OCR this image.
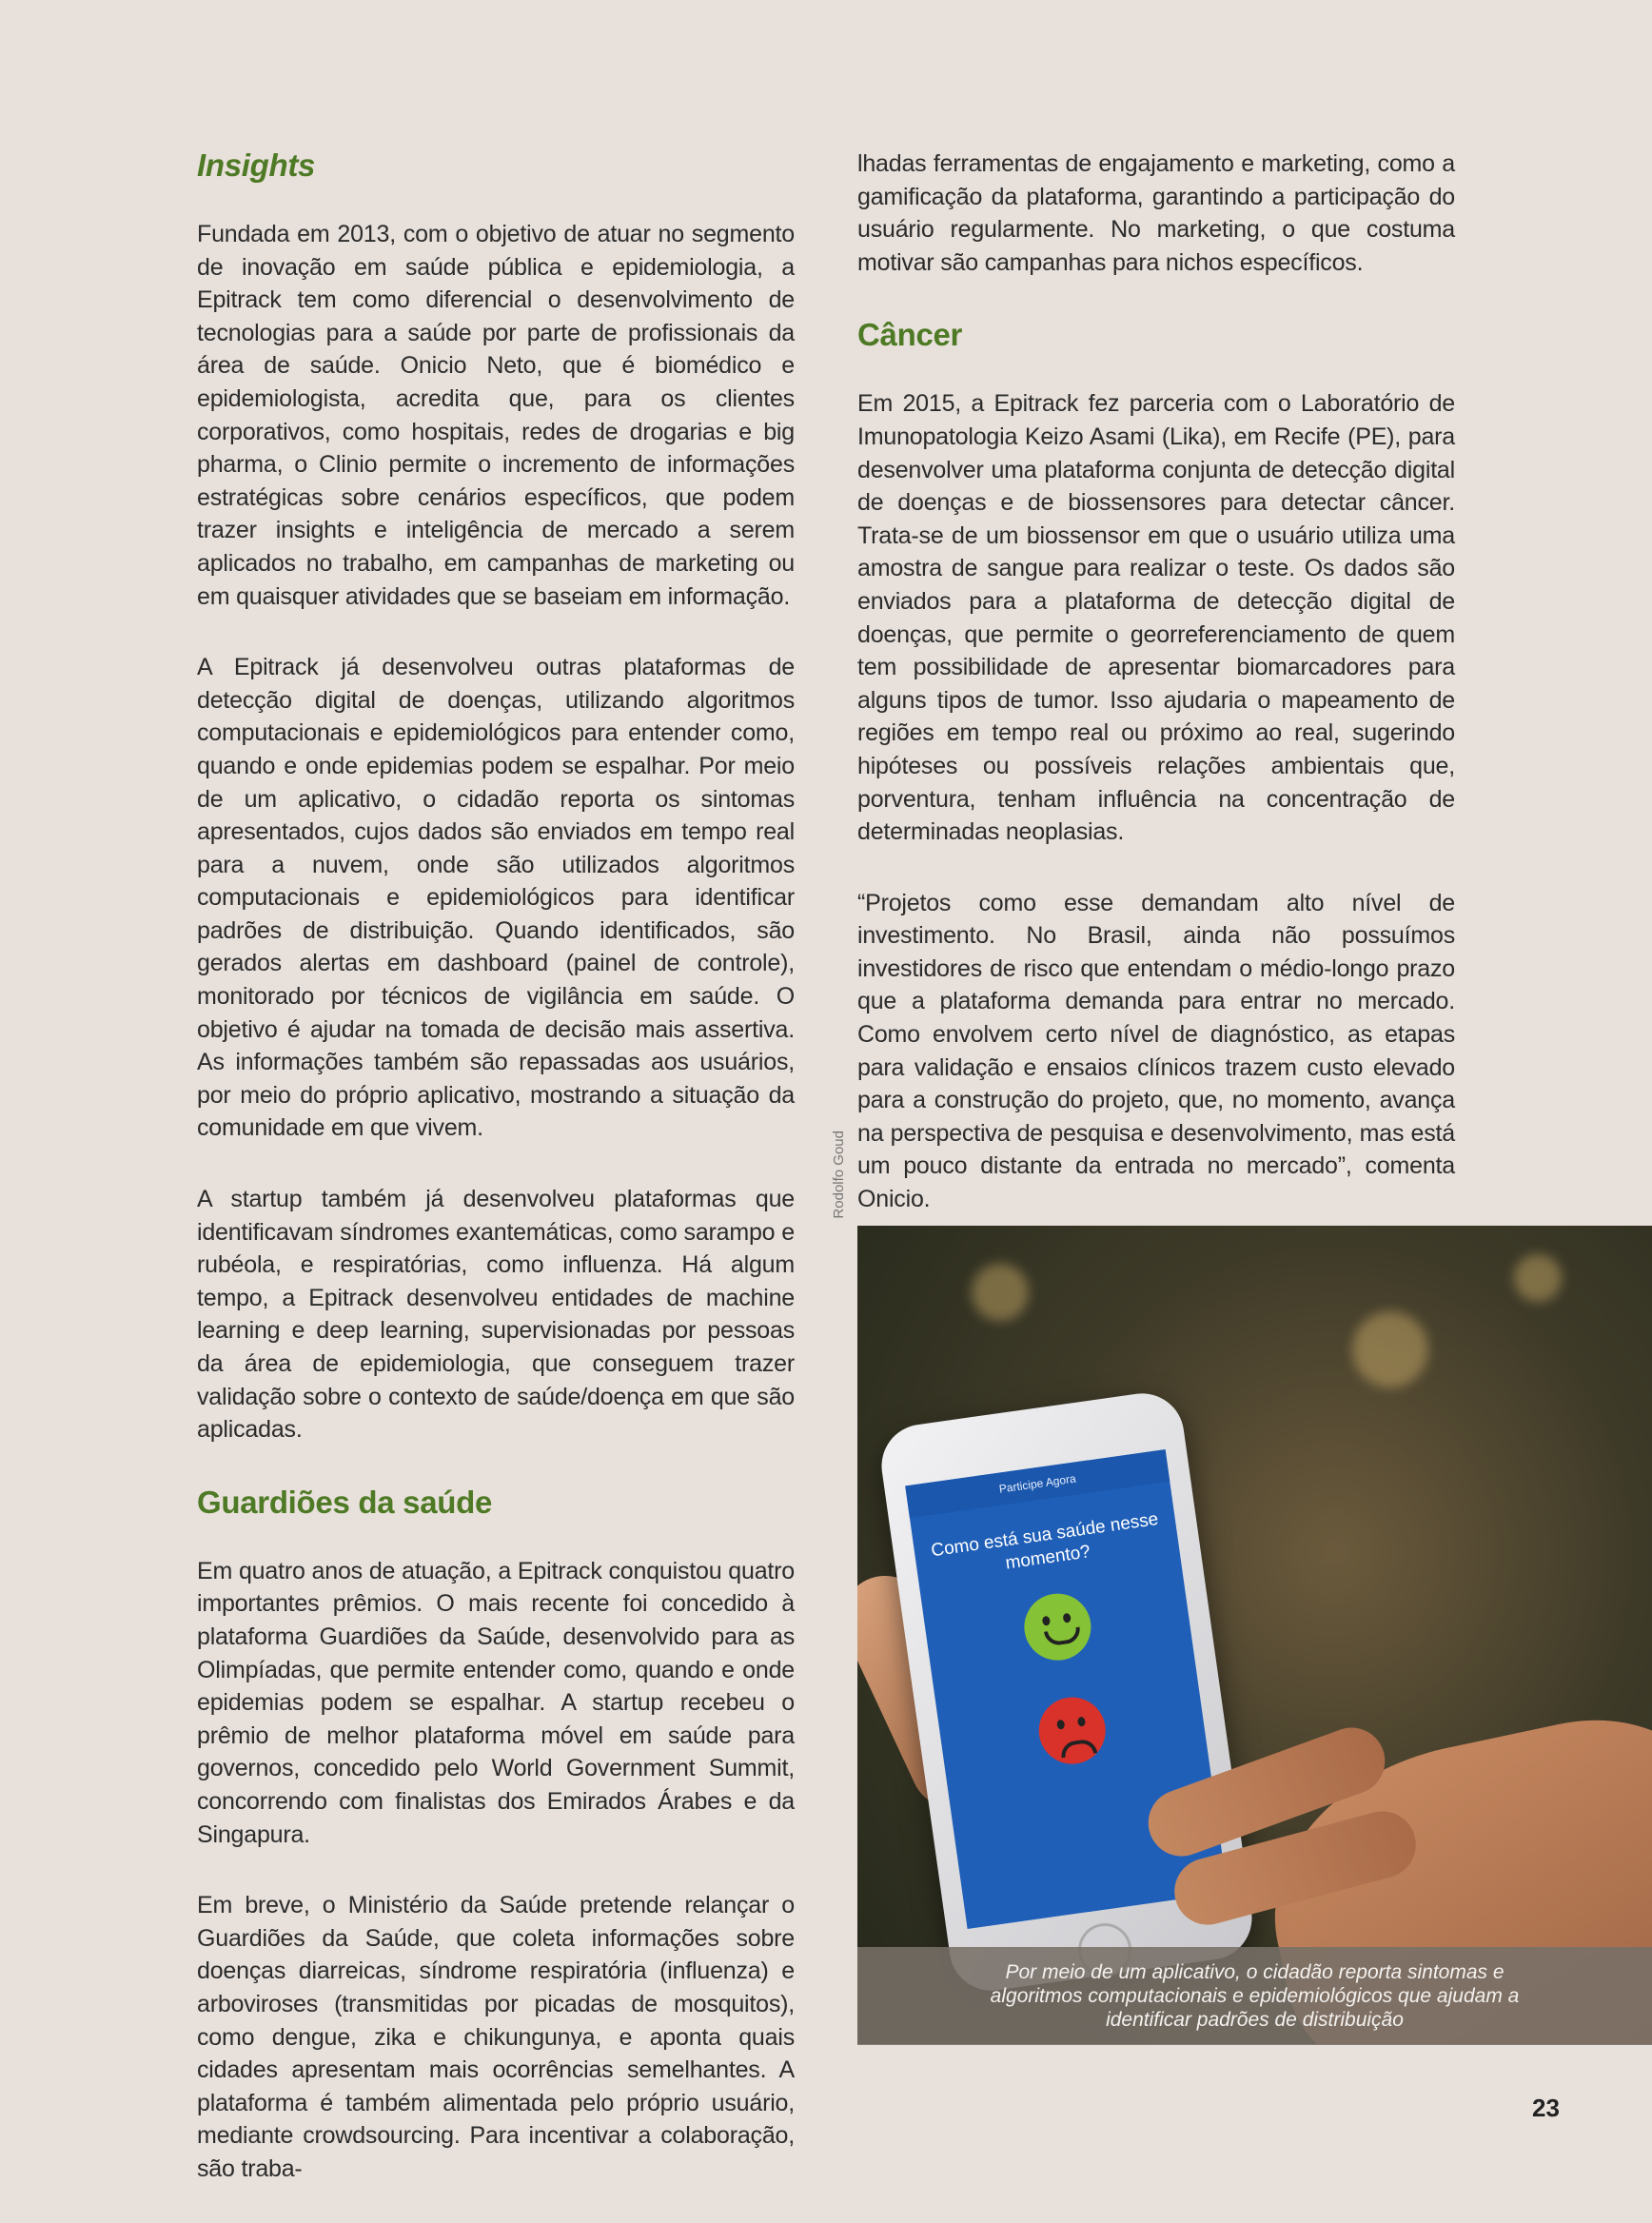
Insights

Fundada em 2013, com o objetivo de atuar no segmento de inovação em saúde pública e epidemiologia, a Epitrack tem como diferencial o desenvolvimento de tecnologias para a saúde por parte de profissionais da área de saúde. Onicio Neto, que é biomédico e epidemiologista, acredita que, para os clientes corporativos, como hospitais, redes de drogarias e big pharma, o Clinio permite o incremento de informações estratégicas sobre cenários específicos, que podem trazer insights e inteligência de mercado a serem aplicados no trabalho, em campanhas de marketing ou em quaisquer atividades que se baseiam em informação.

A Epitrack já desenvolveu outras plataformas de detecção digital de doenças, utilizando algoritmos computacionais e epidemiológicos para entender como, quando e onde epidemias podem se espalhar. Por meio de um aplicativo, o cidadão reporta os sintomas apresentados, cujos dados são enviados em tempo real para a nuvem, onde são utilizados algoritmos computacionais e epidemiológicos para identificar padrões de distribuição. Quando identificados, são gerados alertas em dashboard (painel de controle), monitorado por técnicos de vigilância em saúde. O objetivo é ajudar na tomada de decisão mais assertiva. As informações também são repassadas aos usuários, por meio do próprio aplicativo, mostrando a situação da comunidade em que vivem.

A startup também já desenvolveu plataformas que identificavam síndromes exantemáticas, como sarampo e rubéola, e respiratórias, como influenza. Há algum tempo, a Epitrack desenvolveu entidades de machine learning e deep learning, supervisionadas por pessoas da área de epidemiologia, que conseguem trazer validação sobre o contexto de saúde/doença em que são aplicadas.

Guardiões da saúde

Em quatro anos de atuação, a Epitrack conquistou quatro importantes prêmios. O mais recente foi concedido à plataforma Guardiões da Saúde, desenvolvido para as Olimpíadas, que permite entender como, quando e onde epidemias podem se espalhar. A startup recebeu o prêmio de melhor plataforma móvel em saúde para governos, concedido pelo World Government Summit, concorrendo com finalistas dos Emirados Árabes e da Singapura.

Em breve, o Ministério da Saúde pretende relançar o Guardiões da Saúde, que coleta informações sobre doenças diarreicas, síndrome respiratória (influenza) e arboviroses (transmitidas por picadas de mosquitos), como dengue, zika e chikungunya, e aponta quais cidades apresentam mais ocorrências semelhantes. A plataforma é também alimentada pelo próprio usuário, mediante crowdsourcing. Para incentivar a colaboração, são traba-

lhadas ferramentas de engajamento e marketing, como a gamificação da plataforma, garantindo a participação do usuário regularmente. No marketing, o que costuma motivar são campanhas para nichos específicos.

Câncer

Em 2015, a Epitrack fez parceria com o Laboratório de Imunopatologia Keizo Asami (Lika), em Recife (PE), para desenvolver uma plataforma conjunta de detecção digital de doenças e de biossensores para detectar câncer. Trata-se de um biossensor em que o usuário utiliza uma amostra de sangue para realizar o teste. Os dados são enviados para a plataforma de detecção digital de doenças, que permite o georreferenciamento de quem tem possibilidade de apresentar biomarcadores para alguns tipos de tumor. Isso ajudaria o mapeamento de regiões em tempo real ou próximo ao real, sugerindo hipóteses ou possíveis relações ambientais que, porventura, tenham influência na concentração de determinadas neoplasias.

“Projetos como esse demandam alto nível de investimento. No Brasil, ainda não possuímos investidores de risco que entendam o médio-longo prazo que a plataforma demanda para entrar no mercado. Como envolvem certo nível de diagnóstico, as etapas para validação e ensaios clínicos trazem custo elevado para a construção do projeto, que, no momento, avança na perspectiva de pesquisa e desenvolvimento, mas está um pouco distante da entrada no mercado”, comenta Onicio.

Rodolfo Goud
Participe Agora
Como está sua saúde nesse momento?
Por meio de um aplicativo, o cidadão reporta sintomas e algoritmos computacionais e epidemiológicos que ajudam a identificar padrões de distribuição
23
